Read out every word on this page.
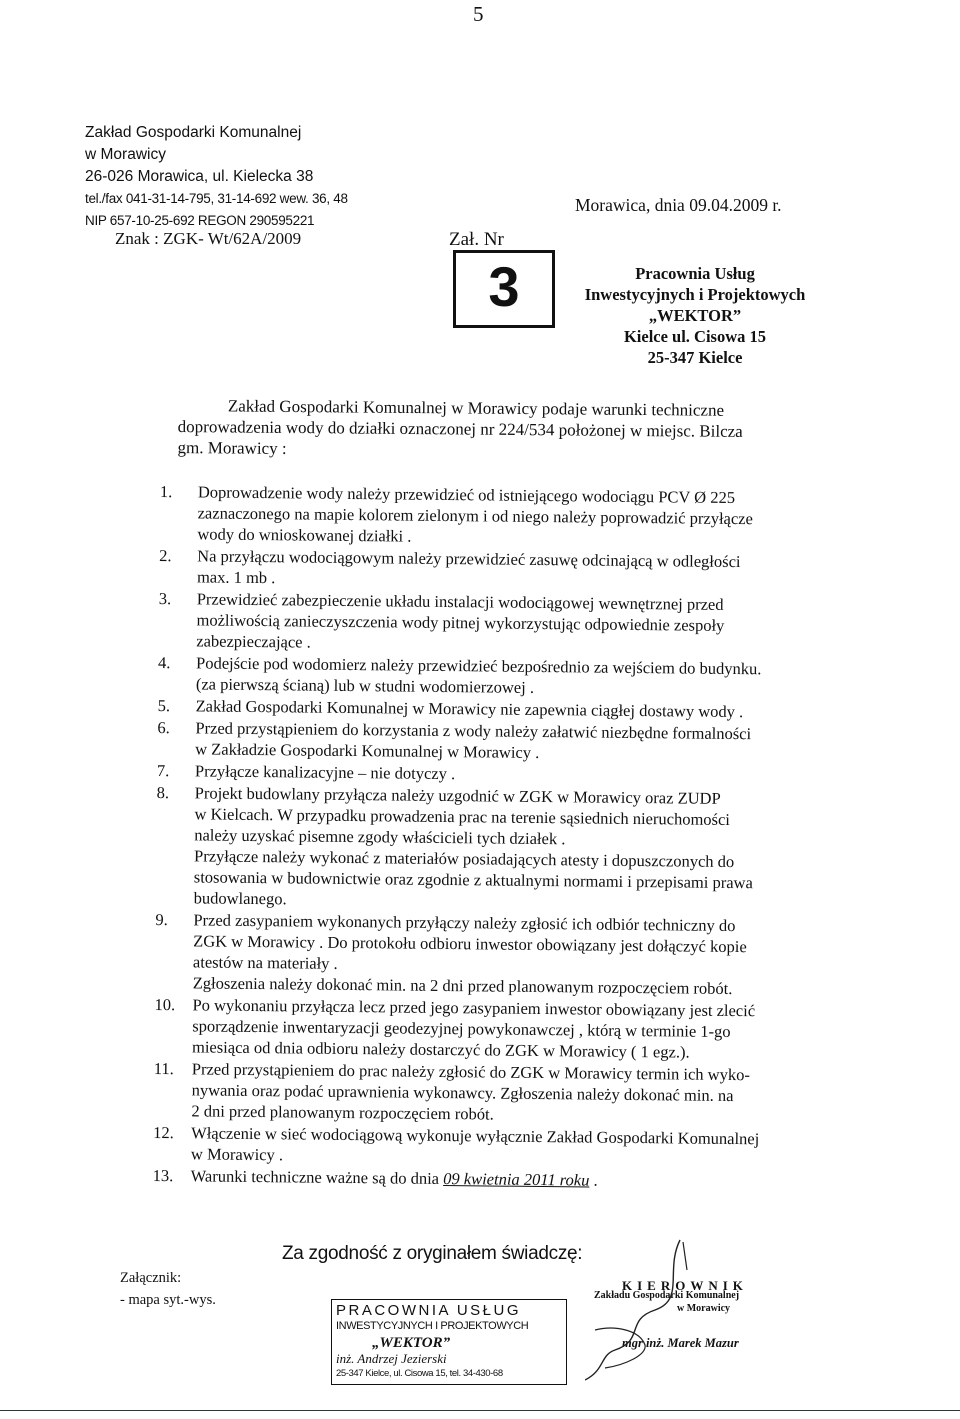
5
Zakład Gospodarki Komunalnej
w Morawicy
26-026 Morawica, ul. Kielecka 38
tel./fax 041-31-14-795, 31-14-692 wew. 36, 48
NIP 657-10-25-692 REGON 290595221
Znak : ZGK- Wt/62A/2009
Morawica, dnia 09.04.2009 r.
Zał. Nr
3	Pracownia Usług
Inwestycyjnych i Projektowych
„WEKTOR”
Kielce ul. Cisowa 15
25-347 Kielce
Zakład Gospodarki Komunalnej w Morawicy podaje warunki techniczne
doprowadzenia wody do działki oznaczonej nr 224/534 położonej w miejsc. Bilcza
gm. Morawicy :
1. Doprowadzenie wody należy przewidzieć od istniejącego wodociągu PCV Ø 225
zaznaczonego na mapie kolorem zielonym i od niego należy poprowadzić przyłącze
wody do wnioskowanej działki .
2. Na przyłączu wodociągowym należy przewidzieć zasuwę odcinającą w odległości
max. 1 mb .
3. Przewidzieć zabezpieczenie układu instalacji wodociągowej wewnętrznej przed
możliwością zanieczyszczenia wody pitnej wykorzystując odpowiednie zespoły
zabezpieczające .
4. Podejście pod wodomierz należy przewidzieć bezpośrednio za wejściem do budynku.
(za pierwszą ścianą) lub w studni wodomierzowej .
5. Zakład Gospodarki Komunalnej w Morawicy nie zapewnia ciągłej dostawy wody .
6. Przed przystąpieniem do korzystania z wody należy załatwić niezbędne formalności
w Zakładzie Gospodarki Komunalnej w Morawicy .
7. Przyłącze kanalizacyjne – nie dotyczy .
8. Projekt budowlany przyłącza należy uzgodnić w ZGK w Morawicy oraz ZUDP
w Kielcach. W przypadku prowadzenia prac na terenie sąsiednich nieruchomości
należy uzyskać pisemne zgody właścicieli tych działek .
Przyłącze należy wykonać z materiałów posiadających atesty i dopuszczonych do
stosowania w budownictwie oraz zgodnie z aktualnymi normami i przepisami prawa
budowlanego.
9. Przed zasypaniem wykonanych przyłączy należy zgłosić ich odbiór techniczny do
ZGK w Morawicy . Do protokołu odbioru inwestor obowiązany jest dołączyć kopie
atestów na materiały .
Zgłoszenia należy dokonać min. na 2 dni przed planowanym rozpoczęciem robót.
10. Po wykonaniu przyłącza lecz przed jego zasypaniem inwestor obowiązany jest zlecić
sporządzenie inwentaryzacji geodezyjnej powykonawczej , którą w terminie 1-go
miesiąca od dnia odbioru należy dostarczyć do ZGK w Morawicy ( 1 egz.).
11. Przed przystąpieniem do prac należy zgłosić do ZGK w Morawicy termin ich wyko-
nywania oraz podać uprawnienia wykonawcy. Zgłoszenia należy dokonać min. na
2 dni przed planowanym rozpoczęciem robót.
12. Włączenie w sieć wodociągową wykonuje wyłącznie Zakład Gospodarki Komunalnej
w Morawicy .
13. Warunki techniczne ważne są do dnia 09 kwietnia 2011 roku .
Załącznik:
- mapa syt.-wys.
Za zgodność z oryginałem świadczę:
PRACOWNIA USŁUG
INWESTYCYJNYCH I PROJEKTOWYCH
„WEKTOR”
inż. Andrzej Jezierski
25-347 Kielce, ul. Cisowa 15, tel. 34-430-68
KIEROWNIK
Zakładu Gospodarki Komunalnej
w Morawicy
mgr inż. Marek Mazur
